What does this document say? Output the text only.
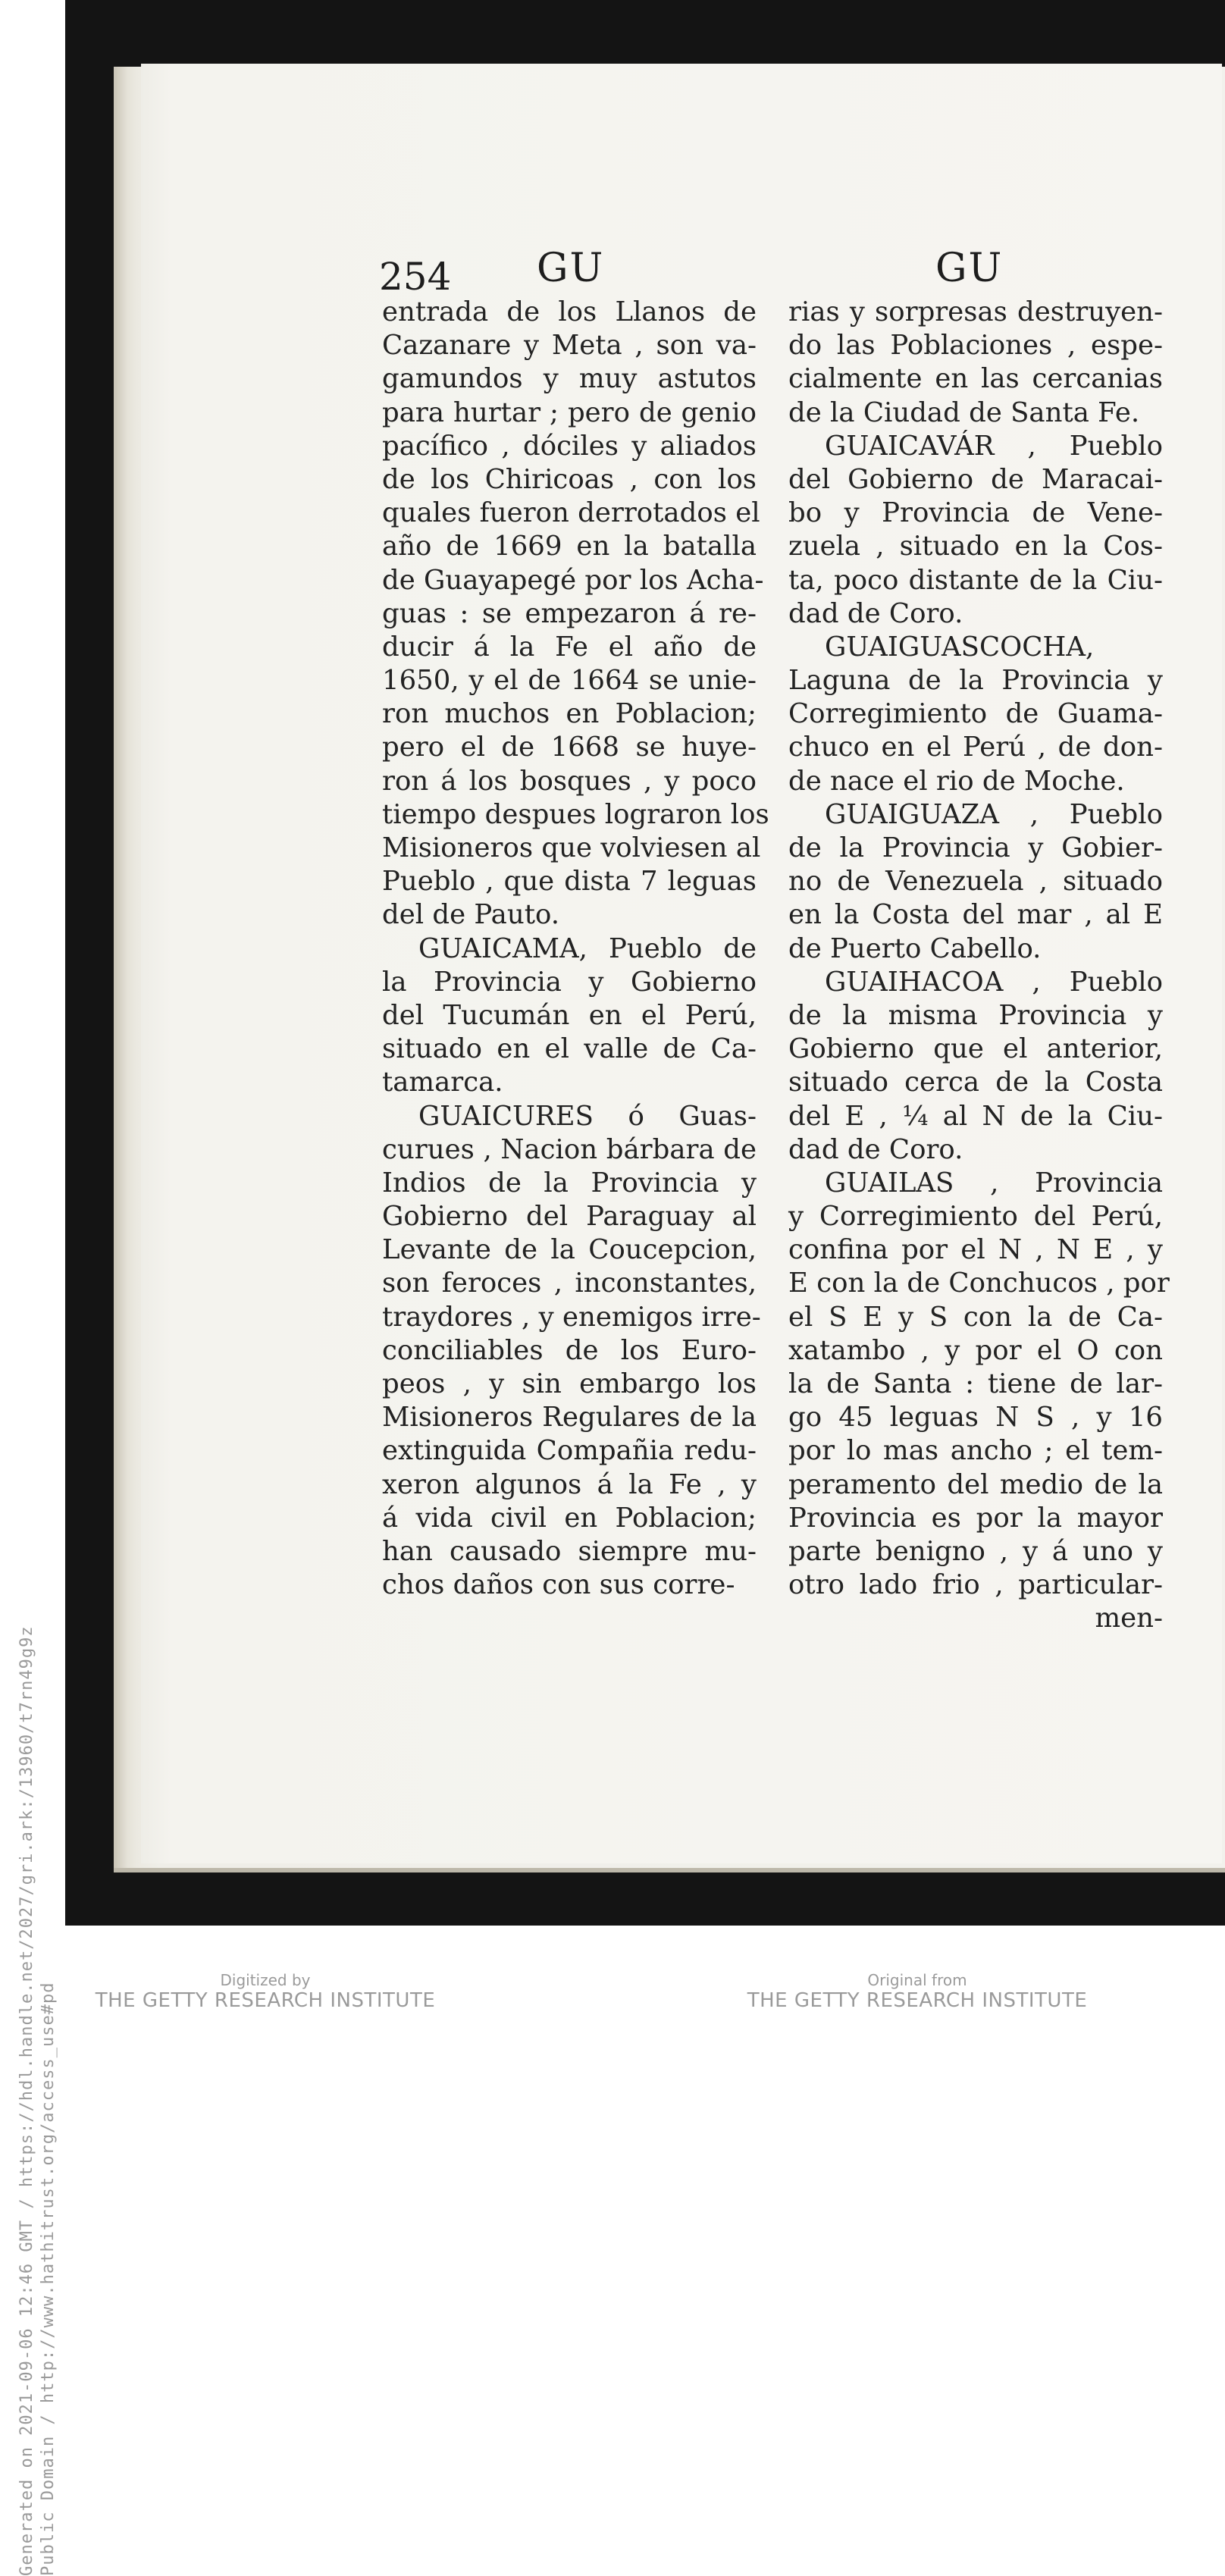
Generated on 2021-09-06 12:46 GMT / https://hdl.handle.net/2027/gri.ark:/13960/t7rn49g9z Public Domain / http://www.hathitrust.org/access_use#pd
254 GU	GU
entrada de los Llanos de
Cazanare y Meta , son va-
gamundos y muy astutos
para hurtar ; pero de genio
pacífico , dóciles y aliados
de los Chiricoas , con los
quales fueron derrotados el
año de 1669 en la batalla
de Guayapegé por los Acha-
guas : se empezaron á re-
ducir á la Fe el año de
1650, y el de 1664 se unie-
ron muchos en Poblacion;
pero el de 1668 se huye-
ron á los bosques , y poco
tiempo despues lograron los
Misioneros que volviesen al
Pueblo , que dista 7 leguas
del de Pauto.
GUAICAMA, Pueblo de
la Provincia y Gobierno
del Tucumán en el Perú,
situado en el valle de Ca-
tamarca.
GUAICURES ó Guas-
curues , Nacion bárbara de
Indios de la Provincia y
Gobierno del Paraguay al
Levante de la Coucepcion,
son feroces , inconstantes,
traydores , y enemigos irre-
conciliables de los Euro-
peos , y sin embargo los
Misioneros Regulares de la
extinguida Compañia redu-
xeron algunos á la Fe , y
á vida civil en Poblacion;
han causado siempre mu-
chos daños con sus corre-
rias y sorpresas destruyen-
do las Poblaciones , espe-
cialmente en las cercanias
de la Ciudad de Santa Fe.
GUAICAVÁR , Pueblo
del Gobierno de Maracai-
bo y Provincia de Vene-
zuela , situado en la Cos-
ta, poco distante de la Ciu-
dad de Coro.
GUAIGUASCOCHA,
Laguna de la Provincia y
Corregimiento de Guama-
chuco en el Perú , de don-
de nace el rio de Moche.
GUAIGUAZA , Pueblo
de la Provincia y Gobier-
no de Venezuela , situado
en la Costa del mar , al E
de Puerto Cabello.
GUAIHACOA , Pueblo
de la misma Provincia y
Gobierno que el anterior,
situado cerca de la Costa
del E , ¼ al N de la Ciu-
dad de Coro.
GUAILAS , Provincia
y Corregimiento del Perú,
confina por el N , N E , y
E con la de Conchucos , por
el S E y S con la de Ca-
xatambo , y por el O con
la de Santa : tiene de lar-
go 45 leguas N S , y 16
por lo mas ancho ; el tem-
peramento del medio de la
Provincia es por la mayor
parte benigno , y á uno y
otro lado frio , particular-
men-
Digitized by
THE GETTY RESEARCH INSTITUTE
Original from
THE GETTY RESEARCH INSTITUTE
